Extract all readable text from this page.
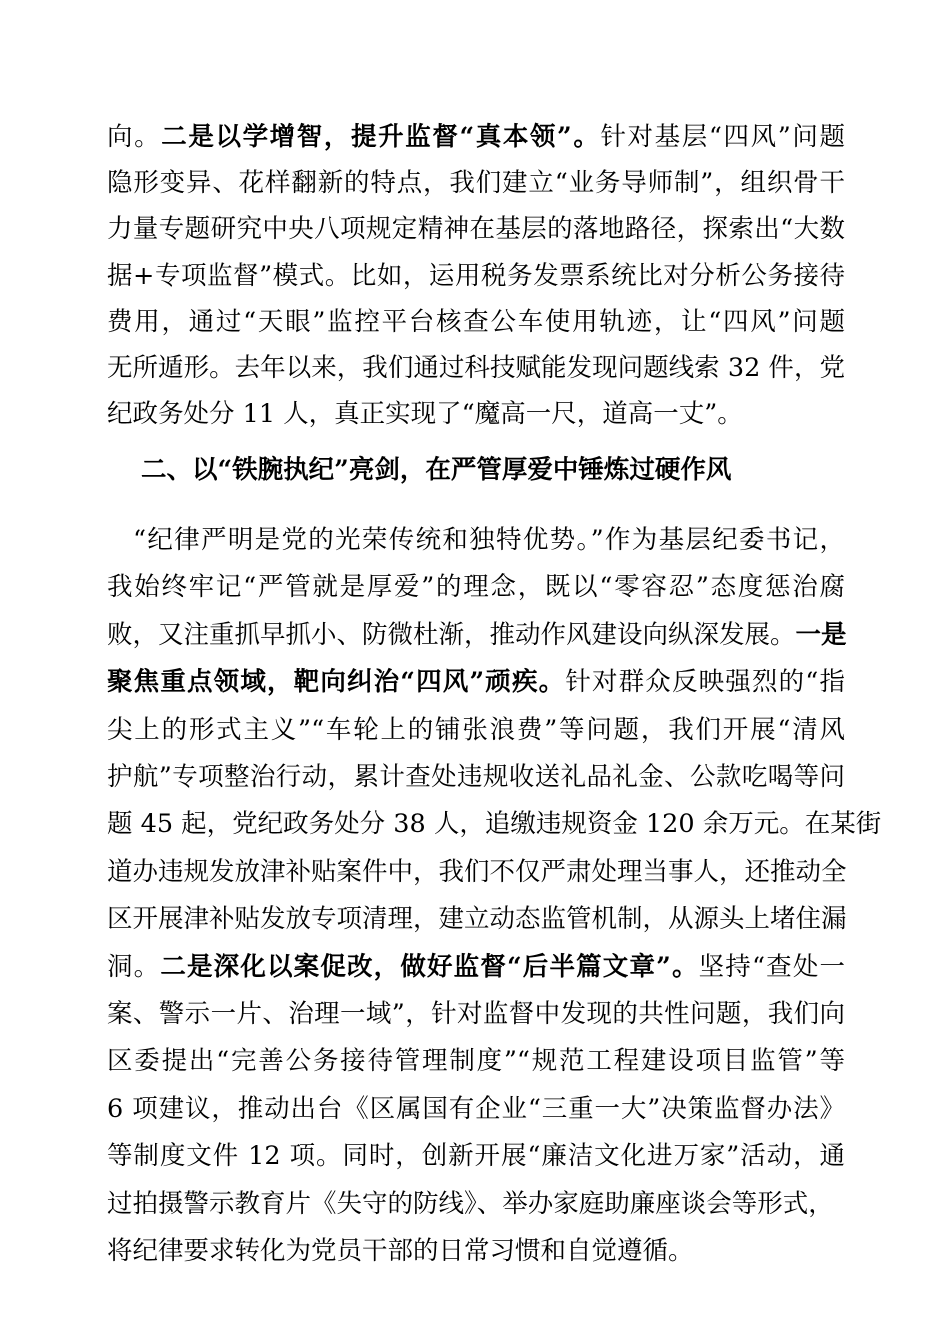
向。二是以学增智，提升监督“真本领”。针对基层“四风”问题
隐形变异、花样翻新的特点，我们建立“业务导师制”，组织骨干
力量专题研究中央八项规定精神在基层的落地路径，探索出“大数
据+专项监督”模式。比如，运用税务发票系统比对分析公务接待
费用，通过“天眼”监控平台核查公车使用轨迹，让“四风”问题
无所遁形。去年以来，我们通过科技赋能发现问题线索 32 件，党
纪政务处分 11 人，真正实现了“魔高一尺，道高一丈”。
二、以“铁腕执纪”亮剑，在严管厚爱中锤炼过硬作风
“纪律严明是党的光荣传统和独特优势。”作为基层纪委书记，
我始终牢记“严管就是厚爱”的理念，既以“零容忍”态度惩治腐
败，又注重抓早抓小、防微杜渐，推动作风建设向纵深发展。一是
聚焦重点领域，靶向纠治“四风”顽疾。针对群众反映强烈的“指
尖上的形式主义”“车轮上的铺张浪费”等问题，我们开展“清风
护航”专项整治行动，累计查处违规收送礼品礼金、公款吃喝等问
题 45 起，党纪政务处分 38 人，追缴违规资金 120 余万元。在某街
道办违规发放津补贴案件中，我们不仅严肃处理当事人，还推动全
区开展津补贴发放专项清理，建立动态监管机制，从源头上堵住漏
洞。二是深化以案促改，做好监督“后半篇文章”。坚持“查处一
案、警示一片、治理一域”，针对监督中发现的共性问题，我们向
区委提出“完善公务接待管理制度”“规范工程建设项目监管”等
6 项建议，推动出台《区属国有企业“三重一大”决策监督办法》
等制度文件 12 项。同时，创新开展“廉洁文化进万家”活动，通
过拍摄警示教育片《失守的防线》、举办家庭助廉座谈会等形式，
将纪律要求转化为党员干部的日常习惯和自觉遵循。
